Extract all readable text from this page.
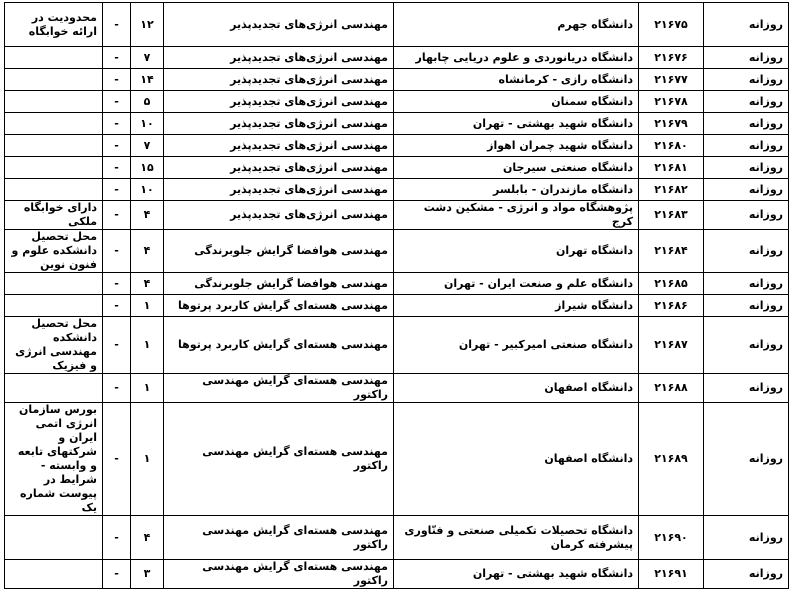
روزانه	۲۱۶۷۵	دانشگاه جهرم	مهندسی انرژی‌های تجدیدپذیر	۱۲	-	محدودیت در ارائه خوابگاه
روزانه	۲۱۶۷۶	دانشگاه دریانوردی و علوم دریایی چابهار	مهندسی انرژی‌های تجدیدپذیر	۷	-	
روزانه	۲۱۶۷۷	دانشگاه رازی - کرمانشاه	مهندسی انرژی‌های تجدیدپذیر	۱۴	-	
روزانه	۲۱۶۷۸	دانشگاه سمنان	مهندسی انرژی‌های تجدیدپذیر	۵	-	
روزانه	۲۱۶۷۹	دانشگاه شهید بهشتی - تهران	مهندسی انرژی‌های تجدیدپذیر	۱۰	-	
روزانه	۲۱۶۸۰	دانشگاه شهید چمران اهواز	مهندسی انرژی‌های تجدیدپذیر	۷	-	
روزانه	۲۱۶۸۱	دانشگاه صنعتی سیرجان	مهندسی انرژی‌های تجدیدپذیر	۱۵	-	
روزانه	۲۱۶۸۲	دانشگاه مازندران - بابلسر	مهندسی انرژی‌های تجدیدپذیر	۱۰	-	
روزانه	۲۱۶۸۳	پژوهشگاه مواد و انرژی - مشکین دشت کرج	مهندسی انرژی‌های تجدیدپذیر	۴	-	دارای خوابگاه ملکی
روزانه	۲۱۶۸۴	دانشگاه تهران	مهندسی هوافضا گرایش جلوبرندگی	۴	-	محل تحصیل دانشکده علوم و فنون نوین
روزانه	۲۱۶۸۵	دانشگاه علم و صنعت ایران - تهران	مهندسی هوافضا گرایش جلوبرندگی	۴	-	
روزانه	۲۱۶۸۶	دانشگاه شیراز	مهندسی هسته‌ای گرایش کاربرد پرتوها	۱	-	
روزانه	۲۱۶۸۷	دانشگاه صنعتی امیرکبیر - تهران	مهندسی هسته‌ای گرایش کاربرد پرتوها	۱	-	محل تحصیل دانشکده مهندسی انرژی و فیزیک
روزانه	۲۱۶۸۸	دانشگاه اصفهان	مهندسی هسته‌ای گرایش مهندسی راکتور	۱	-	
روزانه	۲۱۶۸۹	دانشگاه اصفهان	مهندسی هسته‌ای گرایش مهندسی راکتور	۱	-	بورس سازمان انرژی اتمی ایران و شرکتهای تابعه و وابسته - شرایط در پیوست شماره یک
روزانه	۲۱۶۹۰	دانشگاه تحصیلات تکمیلی صنعتی و فنّاوری پیشرفته کرمان	مهندسی هسته‌ای گرایش مهندسی راکتور	۴	-	
روزانه	۲۱۶۹۱	دانشگاه شهید بهشتی - تهران	مهندسی هسته‌ای گرایش مهندسی راکتور	۳	-	
